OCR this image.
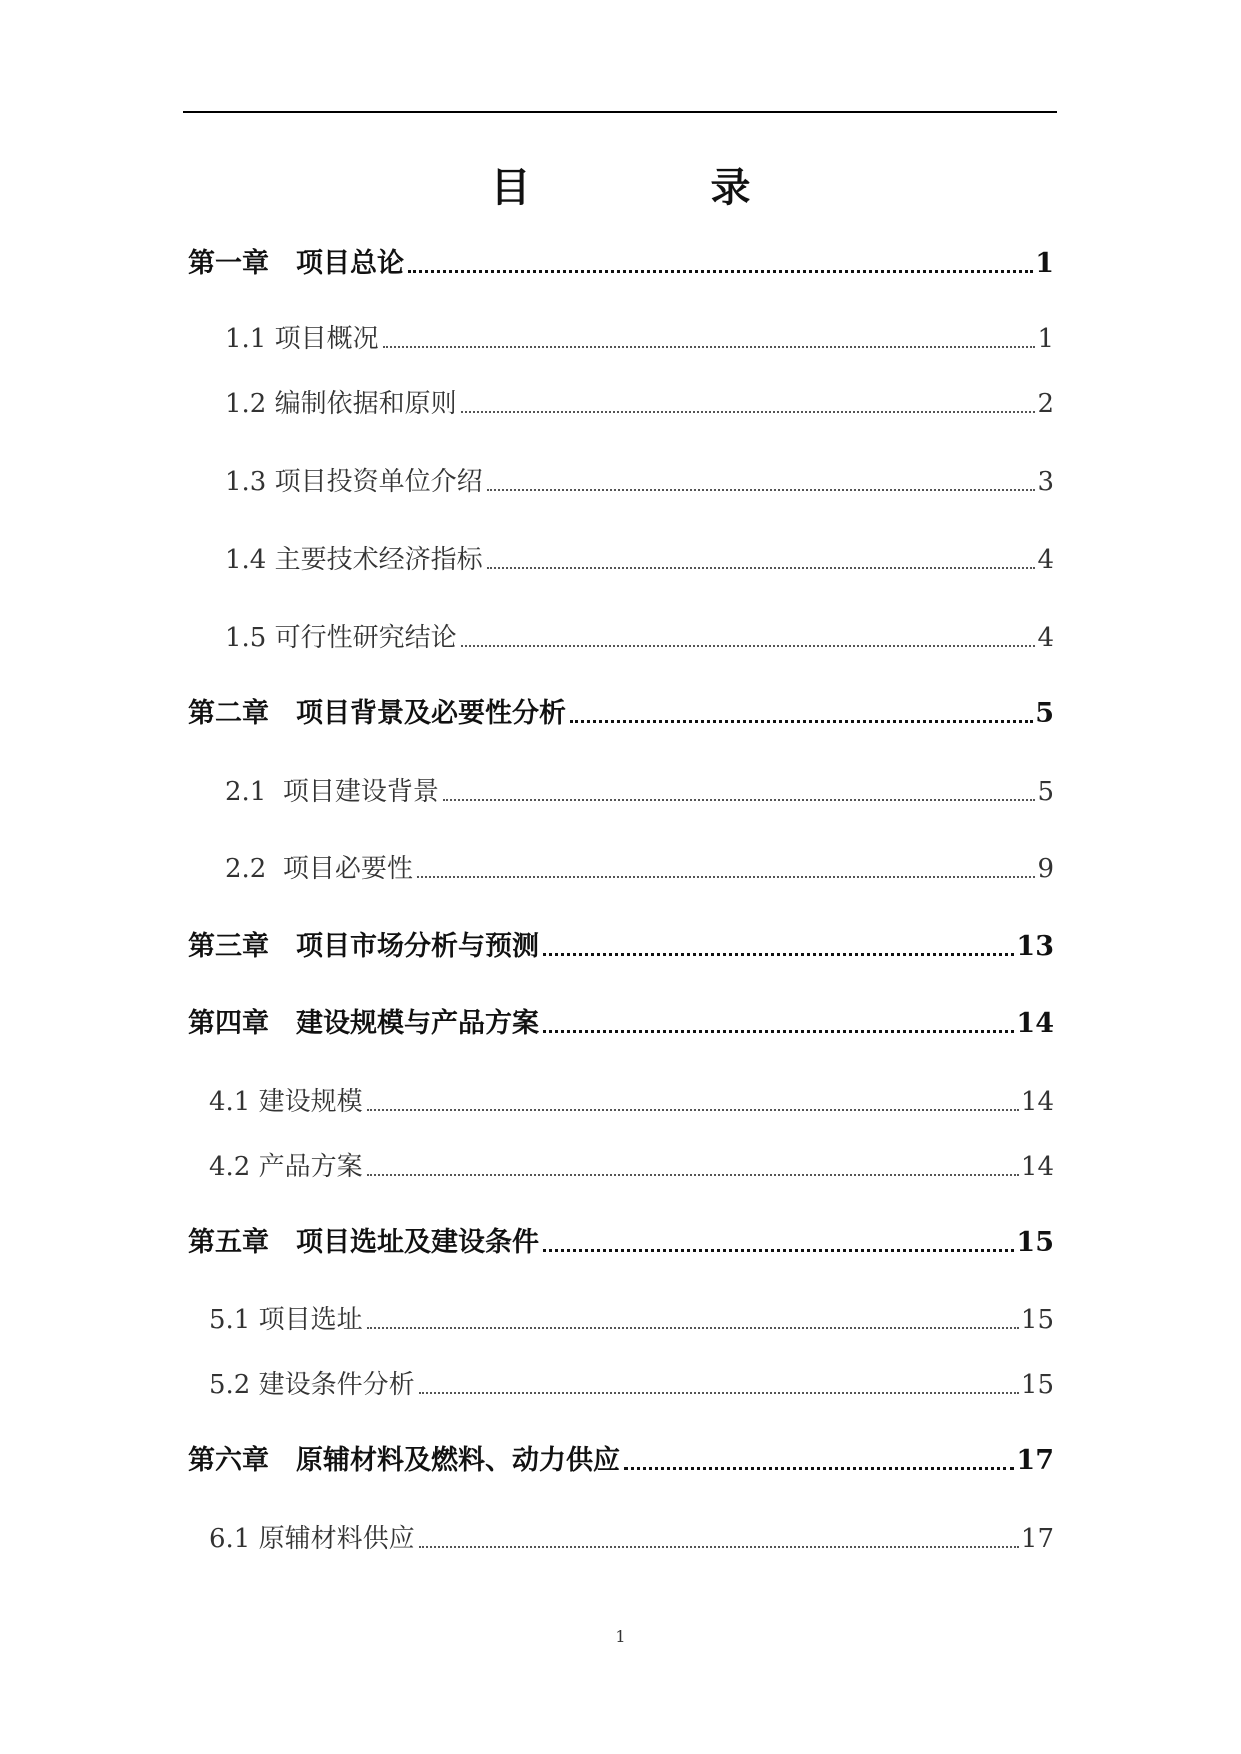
目　录
第一章　项目总论	1
1.1 项目概况	1
1.2 编制依据和原则	2
1.3 项目投资单位介绍	3
1.4 主要技术经济指标	4
1.5 可行性研究结论	4
第二章　项目背景及必要性分析	5
2.1  项目建设背景	5
2.2  项目必要性	9
第三章　项目市场分析与预测	13
第四章　建设规模与产品方案	14
4.1 建设规模	14
4.2 产品方案	14
第五章　项目选址及建设条件	15
5.1 项目选址	15
5.2 建设条件分析	15
第六章　原辅材料及燃料、动力供应	17
6.1 原辅材料供应	17
1
